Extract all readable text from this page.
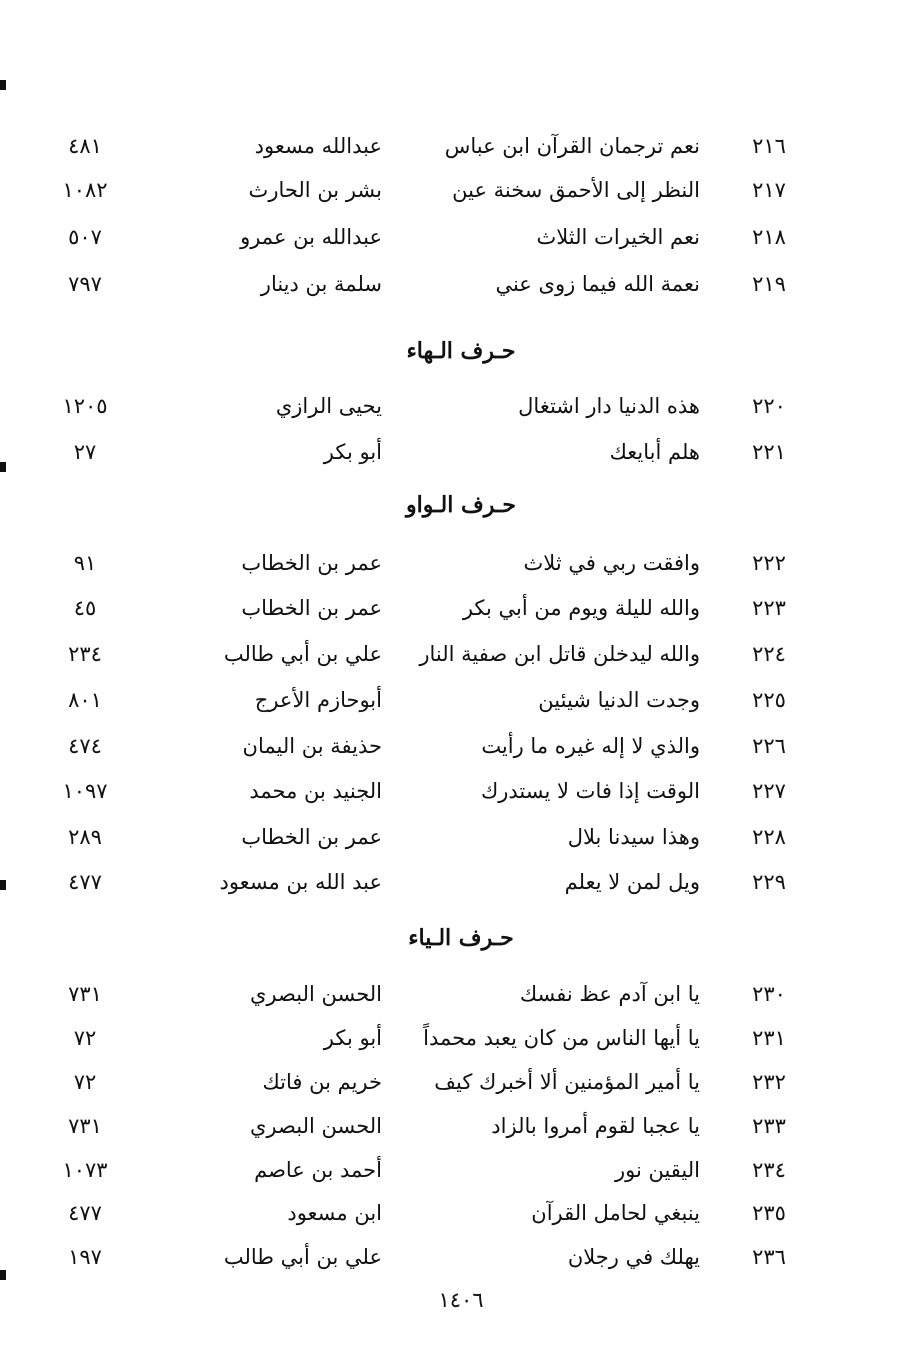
٢١٦
نعم ترجمان القرآن ابن عباس
عبدالله مسعود
٤٨١
٢١٧
النظر إلى الأحمق سخنة عين
بشر بن الحارث
١٠٨٢
٢١٨
نعم الخيرات الثلاث
عبدالله بن عمرو
٥٠٧
٢١٩
نعمة الله فيما زوى عني
سلمة بن دينار
٧٩٧
حـرف الـهاء
٢٢٠
هذه الدنيا دار اشتغال
يحيى الرازي
١٢٠٥
٢٢١
هلم أبايعك
أبو بكر
٢٧
حـرف الـواو
٢٢٢
وافقت ربي في ثلاث
عمر بن الخطاب
٩١
٢٢٣
والله لليلة ويوم من أبي بكر
عمر بن الخطاب
٤٥
٢٢٤
والله ليدخلن قاتل ابن صفية النار
علي بن أبي طالب
٢٣٤
٢٢٥
وجدت الدنيا شيئين
أبوحازم الأعرج
٨٠١
٢٢٦
والذي لا إله غيره ما رأيت
حذيفة بن اليمان
٤٧٤
٢٢٧
الوقت إذا فات لا يستدرك
الجنيد بن محمد
١٠٩٧
٢٢٨
وهذا سيدنا بلال
عمر بن الخطاب
٢٨٩
٢٢٩
ويل لمن لا يعلم
عبد الله بن مسعود
٤٧٧
حـرف الـياء
٢٣٠
يا ابن آدم عظ نفسك
الحسن البصري
٧٣١
٢٣١
يا أيها الناس من كان يعبد محمداً
أبو بكر
٧٢
٢٣٢
يا أمير المؤمنين ألا أخبرك كيف
خريم بن فاتك
٧٢
٢٣٣
يا عجبا لقوم أمروا بالزاد
الحسن البصري
٧٣١
٢٣٤
اليقين نور
أحمد بن عاصم
١٠٧٣
٢٣٥
ينبغي لحامل القرآن
ابن مسعود
٤٧٧
٢٣٦
يهلك في رجلان
علي بن أبي طالب
١٩٧
١٤٠٦
